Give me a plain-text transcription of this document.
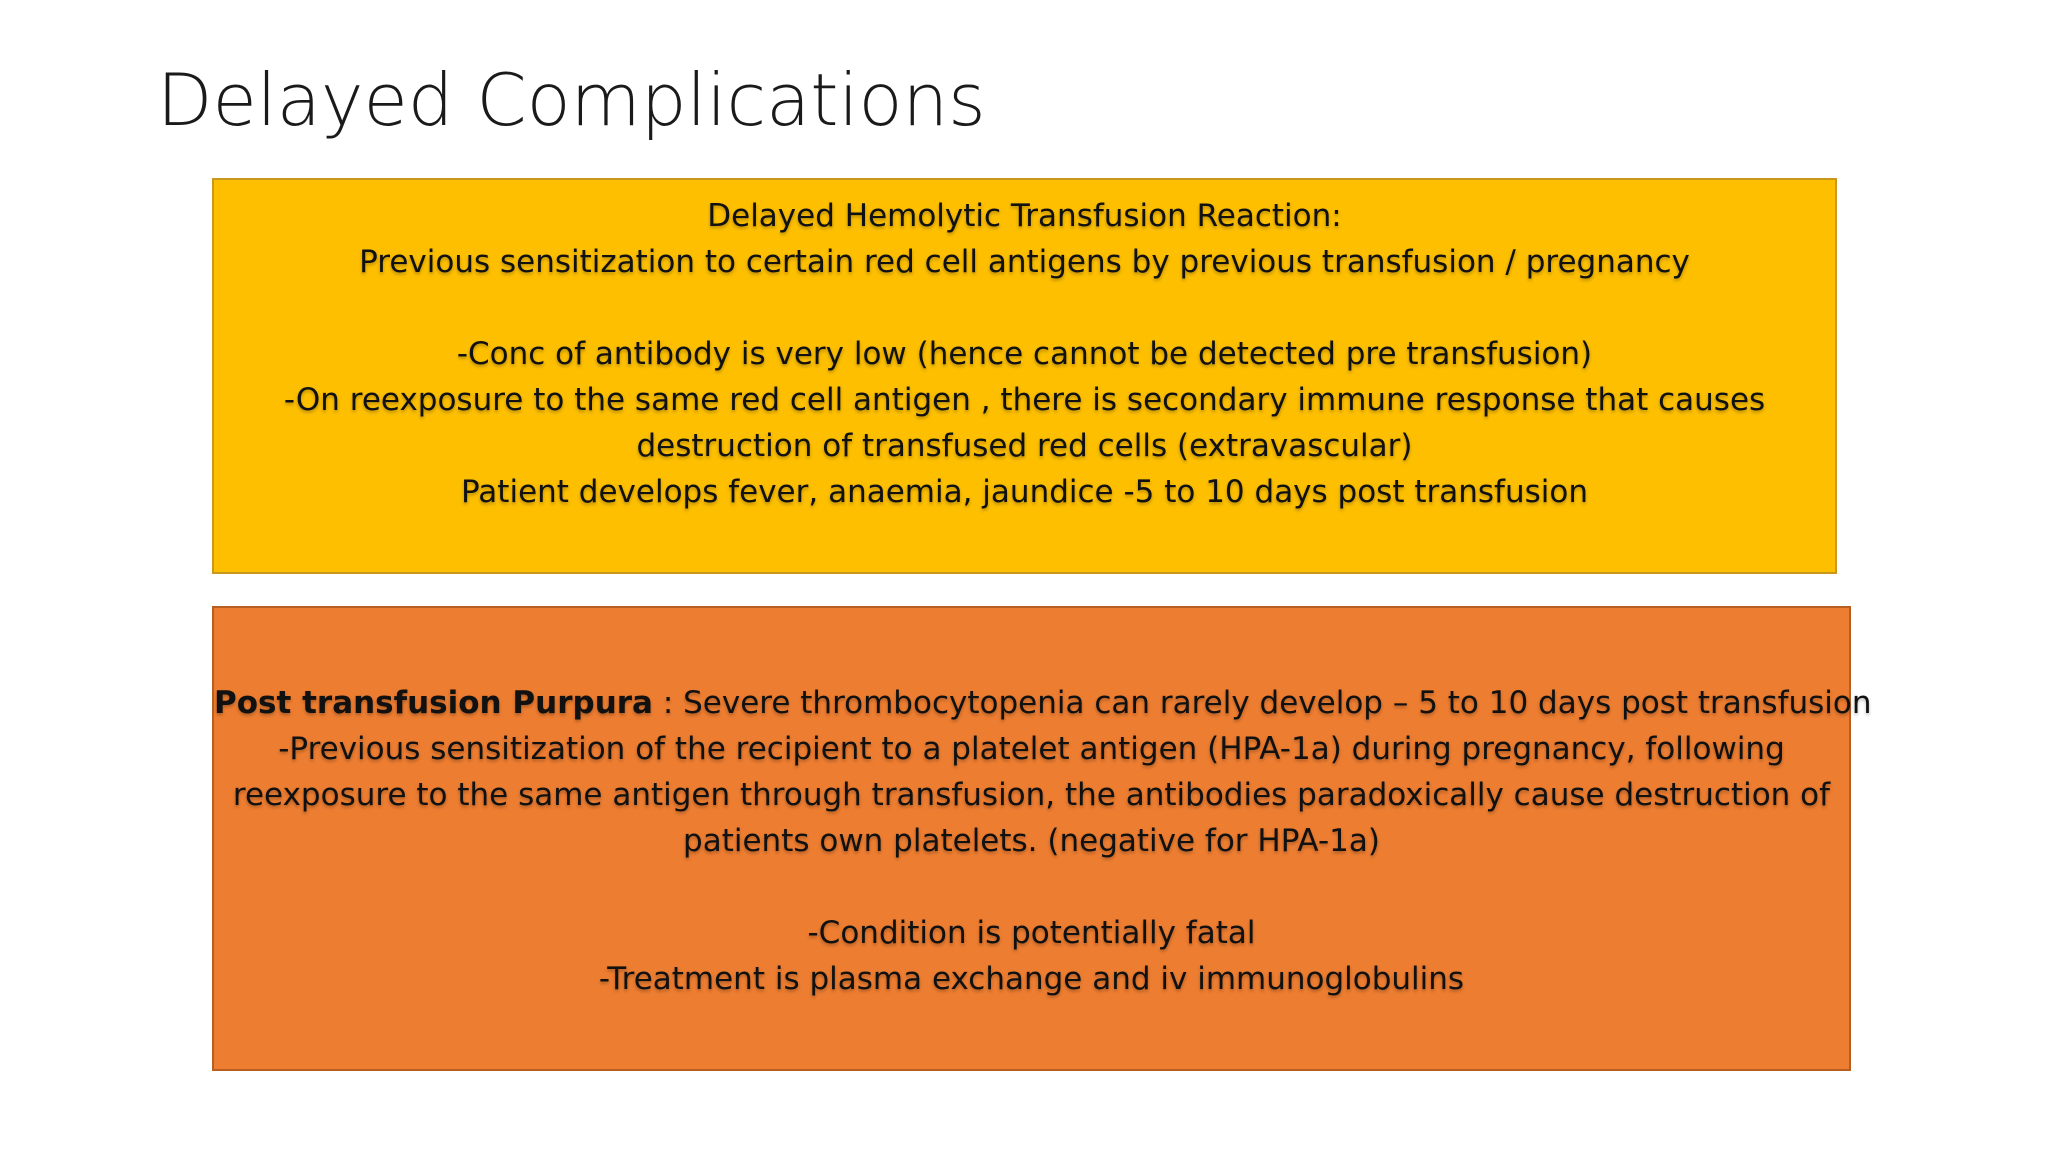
Delayed Complications

Delayed Hemolytic Transfusion Reaction:

Previous sensitization to certain red cell antigens by previous transfusion / pregnancy

-Conc of antibody is very low (hence cannot be detected pre transfusion)

-On reexposure to the same red cell antigen , there is secondary immune response that causes

destruction of transfused red cells (extravascular)

Patient develops fever, anaemia, jaundice -5 to 10 days post transfusion

Post transfusion Purpura : Severe thrombocytopenia can rarely develop – 5 to 10 days post transfusion

-Previous sensitization of the recipient to a platelet antigen (HPA-1a) during pregnancy, following

reexposure to the same antigen through transfusion, the antibodies paradoxically cause destruction of

patients own platelets. (negative for HPA-1a)

-Condition is potentially fatal

-Treatment is plasma exchange and iv immunoglobulins
